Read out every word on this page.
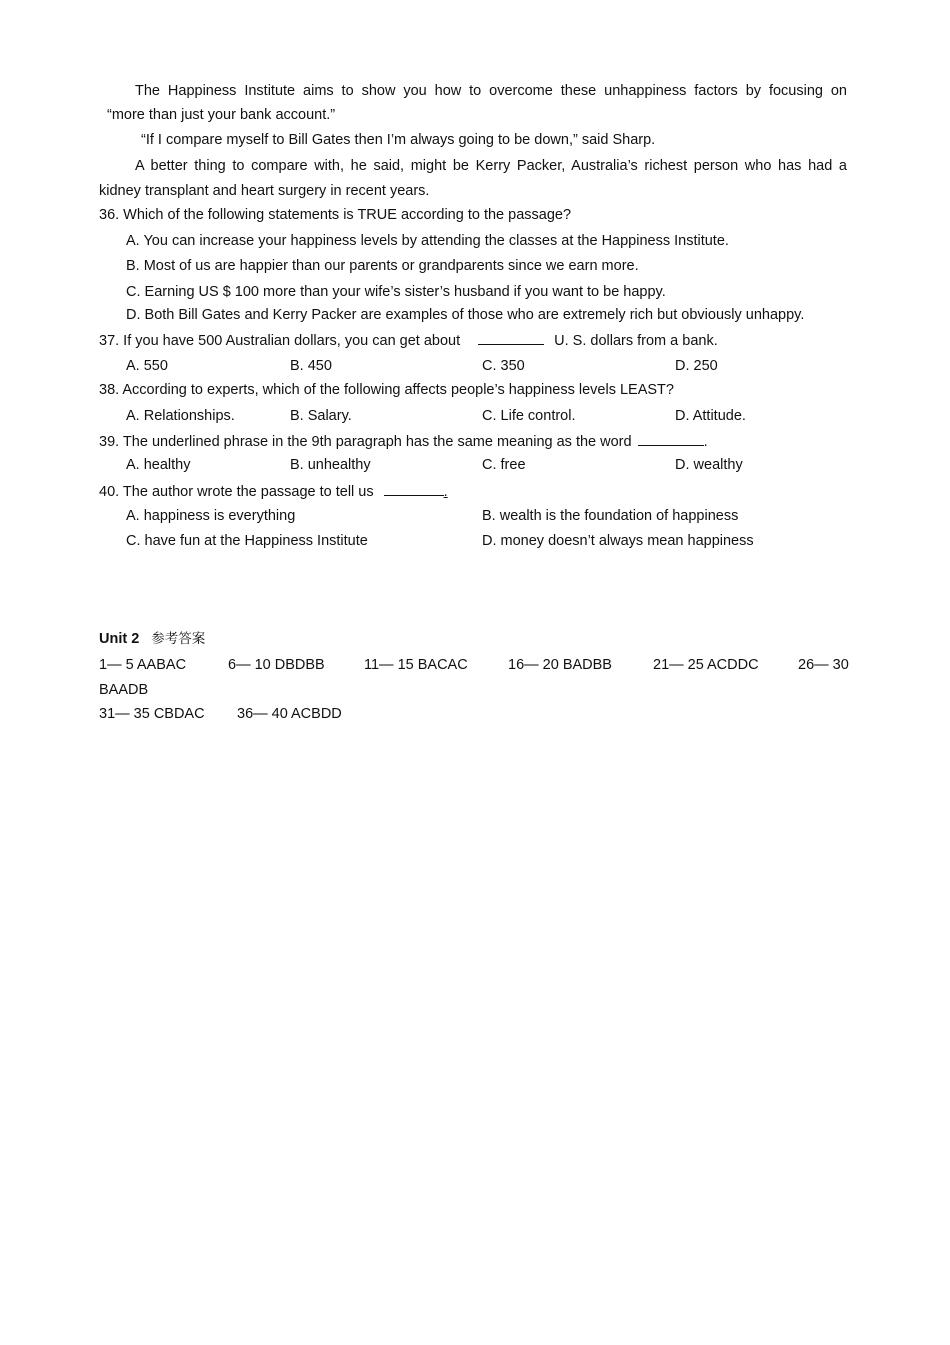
The Happiness Institute aims to show you how to overcome these unhappiness factors by focusing on
“more than just your bank account.”
“If I compare myself to Bill Gates then I’m always going to be down,” said Sharp.
A better thing to compare with, he said, might be Kerry Packer, Australia’s richest person who has had a
kidney transplant and heart surgery in recent years.
36. Which of the following statements is TRUE according to the passage?
A. You can increase your happiness levels by attending the classes at the Happiness Institute.
B. Most of us are happier than our parents or grandparents since we earn more.
C. Earning US $ 100 more than your wife’s sister’s husband if you want to be happy.
D. Both Bill Gates and Kerry Packer are examples of those who are extremely rich but obviously unhappy.
37. If you have 500 Australian dollars, you can get about	U. S. dollars from a bank.
A. 550	B. 450	C. 350	D. 250
38. According to experts, which of the following affects people’s happiness levels LEAST?
A. Relationships.	B. Salary.	C. Life control.	D. Attitude.
39. The underlined phrase in the 9th paragraph has the same meaning as the word	.
A. healthy	B. unhealthy	C. free	D. wealthy
40. The author wrote the passage to tell us	.
A. happiness is everything	B. wealth is the foundation of happiness
C. have fun at the Happiness Institute	D. money doesn’t always mean happiness
Unit 2 参考答案
1— 5 AABAC	6— 10 DBDBB	11— 15 BACAC	16— 20 BADBB	21— 25 ACDDC	26— 30
BAADB
31— 35 CBDAC 36— 40 ACBDD
